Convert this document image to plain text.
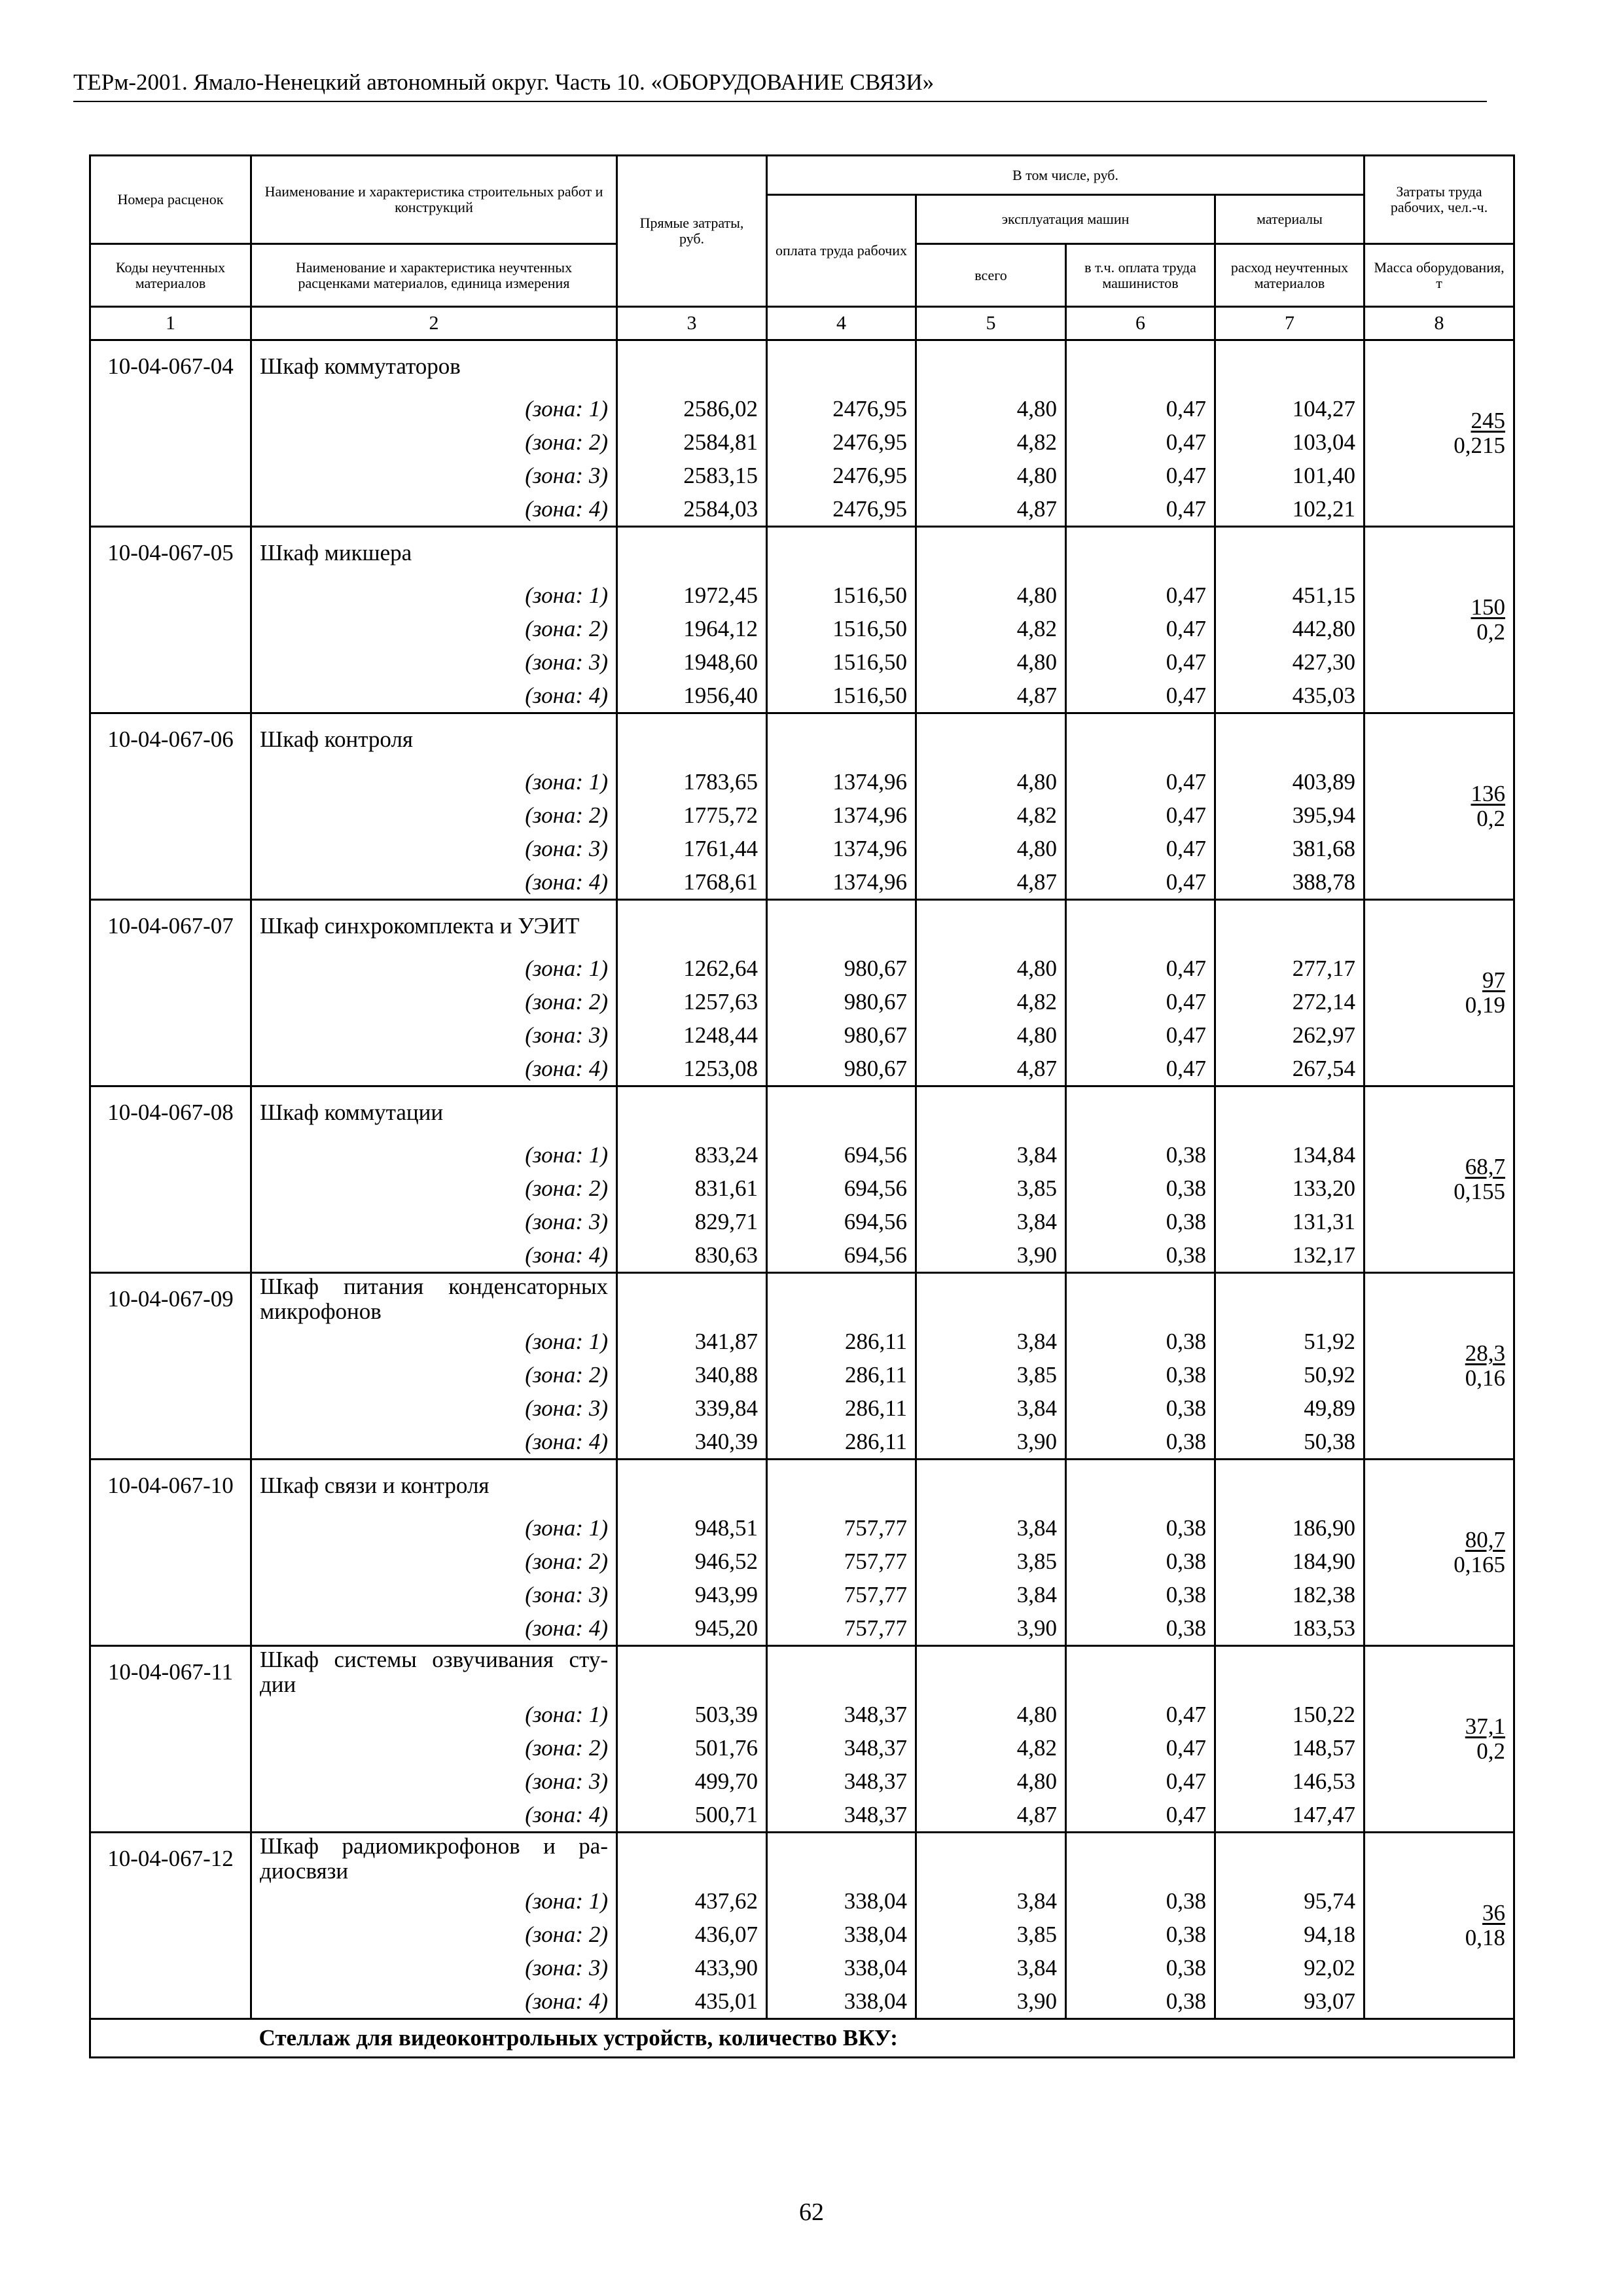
ТЕРм-2001. Ямало-Ненецкий автономный округ. Часть 10. «ОБОРУДОВАНИЕ СВЯЗИ»
Номера расценок	Наименование и характеристика строительных работ и конструкций	Прямые затраты, руб.	В том числе, руб.				Затраты труда рабочих, чел.-ч.
			оплата труда рабочих	эксплуатация машин		материалы	
Коды неучтенных материалов	Наименование и характеристика неучтенных расценками материалов, единица измерения			всего	в т.ч. оплата труда машинистов	расход неучтенных материалов	Масса оборудования, т
1	2	3	4	5	6	7	8
10-04-067-04	Шкаф коммутаторов						$\frac{245}{0,215}$

	(зона: 1)	2586,02	2476,95	4,80	0,47	104,27	
	(зона: 2)	2584,81	2476,95	4,82	0,47	103,04	
	(зона: 3)	2583,15	2476,95	4,80	0,47	101,40	
	(зона: 4)	2584,03	2476,95	4,87	0,47	102,21	
10-04-067-05	Шкаф микшера						$\frac{150}{0,2}$

	(зона: 1)	1972,45	1516,50	4,80	0,47	451,15	
	(зона: 2)	1964,12	1516,50	4,82	0,47	442,80	
	(зона: 3)	1948,60	1516,50	4,80	0,47	427,30	
	(зона: 4)	1956,40	1516,50	4,87	0,47	435,03	
10-04-067-06	Шкаф контроля						$\frac{136}{0,2}$

	(зона: 1)	1783,65	1374,96	4,80	0,47	403,89	
	(зона: 2)	1775,72	1374,96	4,82	0,47	395,94	
	(зона: 3)	1761,44	1374,96	4,80	0,47	381,68	
	(зона: 4)	1768,61	1374,96	4,87	0,47	388,78	
10-04-067-07	Шкаф синхрокомплекта и УЭИТ						$\frac{97}{0,19}$

	(зона: 1)	1262,64	980,67	4,80	0,47	277,17	
	(зона: 2)	1257,63	980,67	4,82	0,47	272,14	
	(зона: 3)	1248,44	980,67	4,80	0,47	262,97	
	(зона: 4)	1253,08	980,67	4,87	0,47	267,54	
10-04-067-08	Шкаф коммутации						$\frac{68,7}{0,155}$

	(зона: 1)	833,24	694,56	3,84	0,38	134,84	
	(зона: 2)	831,61	694,56	3,85	0,38	133,20	
	(зона: 3)	829,71	694,56	3,84	0,38	131,31	
	(зона: 4)	830,63	694,56	3,90	0,38	132,17	
10-04-067-09	Шкаф питания конденсаторных микрофонов						$\frac{28,3}{0,16}$

	(зона: 1)	341,87	286,11	3,84	0,38	51,92	
	(зона: 2)	340,88	286,11	3,85	0,38	50,92	
	(зона: 3)	339,84	286,11	3,84	0,38	49,89	
	(зона: 4)	340,39	286,11	3,90	0,38	50,38	
10-04-067-10	Шкаф связи и контроля						$\frac{80,7}{0,165}$

	(зона: 1)	948,51	757,77	3,84	0,38	186,90	
	(зона: 2)	946,52	757,77	3,85	0,38	184,90	
	(зона: 3)	943,99	757,77	3,84	0,38	182,38	
	(зона: 4)	945,20	757,77	3,90	0,38	183,53	
10-04-067-11	Шкаф системы озвучивания сту-дии						$\frac{37,1}{0,2}$

	(зона: 1)	503,39	348,37	4,80	0,47	150,22	
	(зона: 2)	501,76	348,37	4,82	0,47	148,57	
	(зона: 3)	499,70	348,37	4,80	0,47	146,53	
	(зона: 4)	500,71	348,37	4,87	0,47	147,47	
10-04-067-12	Шкаф радиомикрофонов и ра-диосвязи						$\frac{36}{0,18}$

	(зона: 1)	437,62	338,04	3,84	0,38	95,74	
	(зона: 2)	436,07	338,04	3,85	0,38	94,18	
	(зона: 3)	433,90	338,04	3,84	0,38	92,02	
	(зона: 4)	435,01	338,04	3,90	0,38	93,07	
	Стеллаж для видеоконтрольных устройств, количество ВКУ:						
62
